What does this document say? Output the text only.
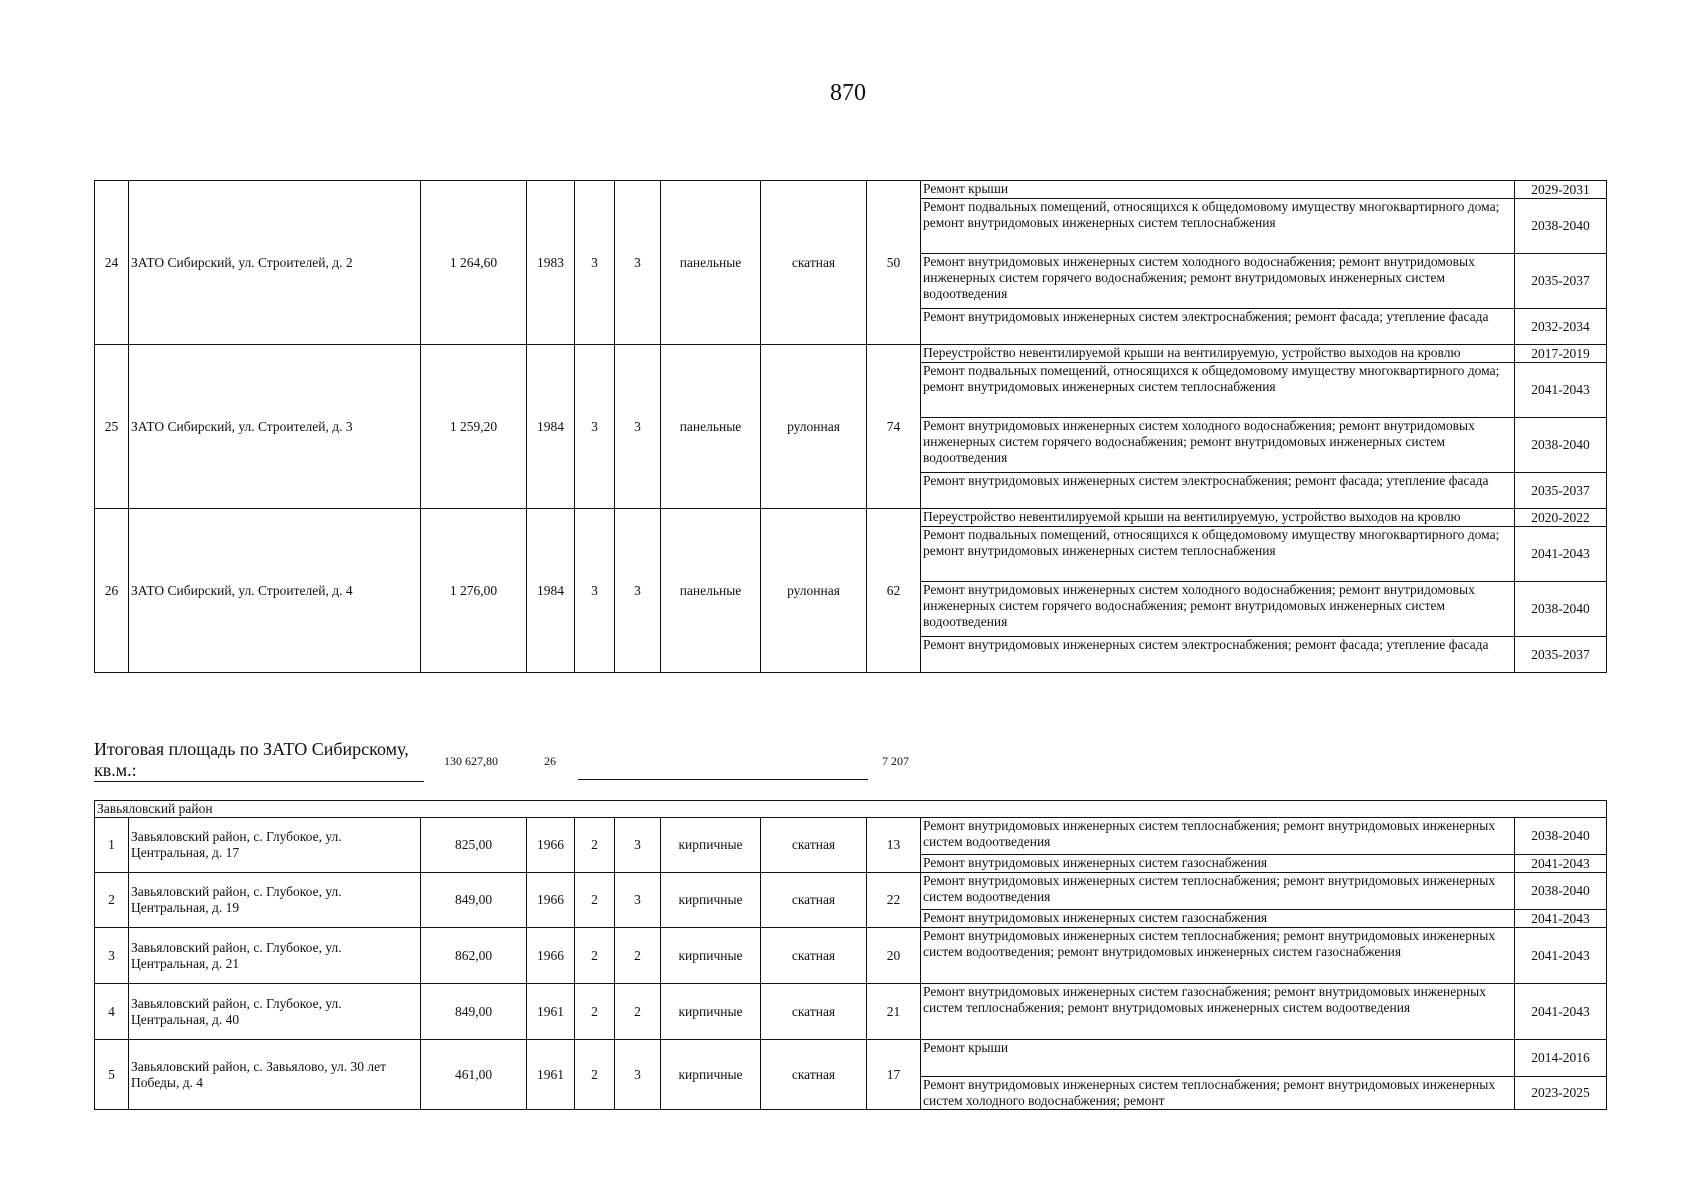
870
24	ЗАТО Сибирский, ул. Строителей, д. 2	1 264,60	1983	3	3	панельные	скатная	50	Ремонт крыши	2029-2031
									Ремонт подвальных помещений, относящихся к общедомовому имуществу многоквартирного дома; ремонт внутридомовых инженерных систем теплоснабжения	2038-2040
									Ремонт внутридомовых инженерных систем холодного водоснабжения; ремонт внутридомовых инженерных систем горячего водоснабжения; ремонт внутридомовых инженерных систем водоотведения	2035-2037
									Ремонт внутридомовых инженерных систем электроснабжения; ремонт фасада; утепление фасада	2032-2034
25	ЗАТО Сибирский, ул. Строителей, д. 3	1 259,20	1984	3	3	панельные	рулонная	74	Переустройство невентилируемой крыши на вентилируемую, устройство выходов на кровлю	2017-2019
									Ремонт подвальных помещений, относящихся к общедомовому имуществу многоквартирного дома; ремонт внутридомовых инженерных систем теплоснабжения	2041-2043
									Ремонт внутридомовых инженерных систем холодного водоснабжения; ремонт внутридомовых инженерных систем горячего водоснабжения; ремонт внутридомовых инженерных систем водоотведения	2038-2040
									Ремонт внутридомовых инженерных систем электроснабжения; ремонт фасада; утепление фасада	2035-2037
26	ЗАТО Сибирский, ул. Строителей, д. 4	1 276,00	1984	3	3	панельные	рулонная	62	Переустройство невентилируемой крыши на вентилируемую, устройство выходов на кровлю	2020-2022
									Ремонт подвальных помещений, относящихся к общедомовому имуществу многоквартирного дома; ремонт внутридомовых инженерных систем теплоснабжения	2041-2043
									Ремонт внутридомовых инженерных систем холодного водоснабжения; ремонт внутридомовых инженерных систем горячего водоснабжения; ремонт внутридомовых инженерных систем водоотведения	2038-2040
									Ремонт внутридомовых инженерных систем электроснабжения; ремонт фасада; утепление фасада	2035-2037
Итоговая площадь по ЗАТО Сибирскому, кв.м.:	130 627,80	26	7 207
Завьяловский район										
1	Завьяловский район, с. Глубокое, ул. Центральная, д. 17	825,00	1966	2	3	кирпичные	скатная	13	Ремонт внутридомовых инженерных систем теплоснабжения; ремонт внутридомовых инженерных систем водоотведения	2038-2040
									Ремонт внутридомовых инженерных систем газоснабжения	2041-2043
2	Завьяловский район, с. Глубокое, ул. Центральная, д. 19	849,00	1966	2	3	кирпичные	скатная	22	Ремонт внутридомовых инженерных систем теплоснабжения; ремонт внутридомовых инженерных систем водоотведения	2038-2040
									Ремонт внутридомовых инженерных систем газоснабжения	2041-2043
3	Завьяловский район, с. Глубокое, ул. Центральная, д. 21	862,00	1966	2	2	кирпичные	скатная	20	Ремонт внутридомовых инженерных систем теплоснабжения; ремонт внутридомовых инженерных систем водоотведения; ремонт внутридомовых инженерных систем газоснабжения	2041-2043
4	Завьяловский район, с. Глубокое, ул. Центральная, д. 40	849,00	1961	2	2	кирпичные	скатная	21	Ремонт внутридомовых инженерных систем газоснабжения; ремонт внутридомовых инженерных систем теплоснабжения; ремонт внутридомовых инженерных систем водоотведения	2041-2043
5	Завьяловский район, с. Завьялово, ул. 30 лет Победы, д. 4	461,00	1961	2	3	кирпичные	скатная	17	Ремонт крыши	2014-2016
									Ремонт внутридомовых инженерных систем теплоснабжения; ремонт внутридомовых инженерных систем холодного водоснабжения; ремонт	2023-2025
